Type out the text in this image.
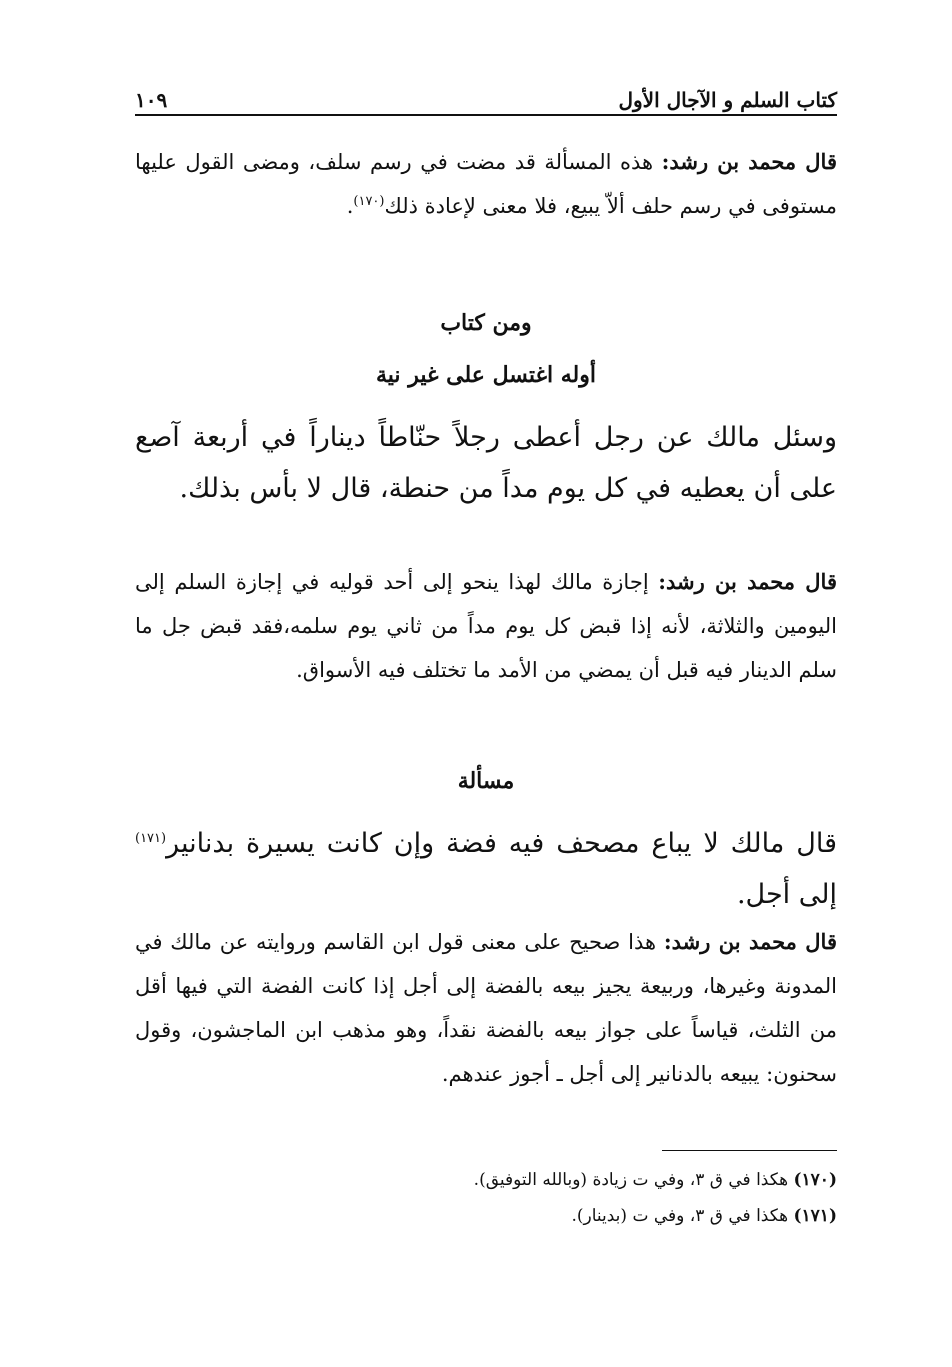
كتاب السلم و الآجال الأول
١٠٩
قال محمد بن رشد: هذه المسألة قد مضت في رسم سلف، ومضى القول عليها مستوفى في رسم حلف ألاّ يبيع، فلا معنى لإعادة ذلك$^{(١٧٠)}$.
ومن كتاب
أوله اغتسل على غير نية
وسئل مالك عن رجل أعطى رجلاً حنّاطاً ديناراً في أربعة آصع على أن يعطيه في كل يوم مداً من حنطة، قال لا بأس بذلك.
قال محمد بن رشد: إجازة مالك لهذا ينحو إلى أحد قوليه في إجازة السلم إلى اليومين والثلاثة، لأنه إذا قبض كل يوم مداً من ثاني يوم سلمه،فقد قبض جل ما سلم الدينار فيه قبل أن يمضي من الأمد ما تختلف فيه الأسواق.
مسألة
قال مالك لا يباع مصحف فيه فضة وإن كانت يسيرة بدنانير$^{(١٧١)}$ إلى أجل.
قال محمد بن رشد: هذا صحيح على معنى قول ابن القاسم وروايته عن مالك في المدونة وغيرها، وربيعة يجيز بيعه بالفضة إلى أجل إذا كانت الفضة التي فيها أقل من الثلث، قياساً على جواز بيعه بالفضة نقداً، وهو مذهب ابن الماجشون، وقول سحنون: يبيعه بالدنانير إلى أجل ـ أجوز عندهم.
(١٧٠) هكذا في ق ٣، وفي ت زيادة (وبالله التوفيق).
(١٧١) هكذا في ق ٣، وفي ت (بدينار).
